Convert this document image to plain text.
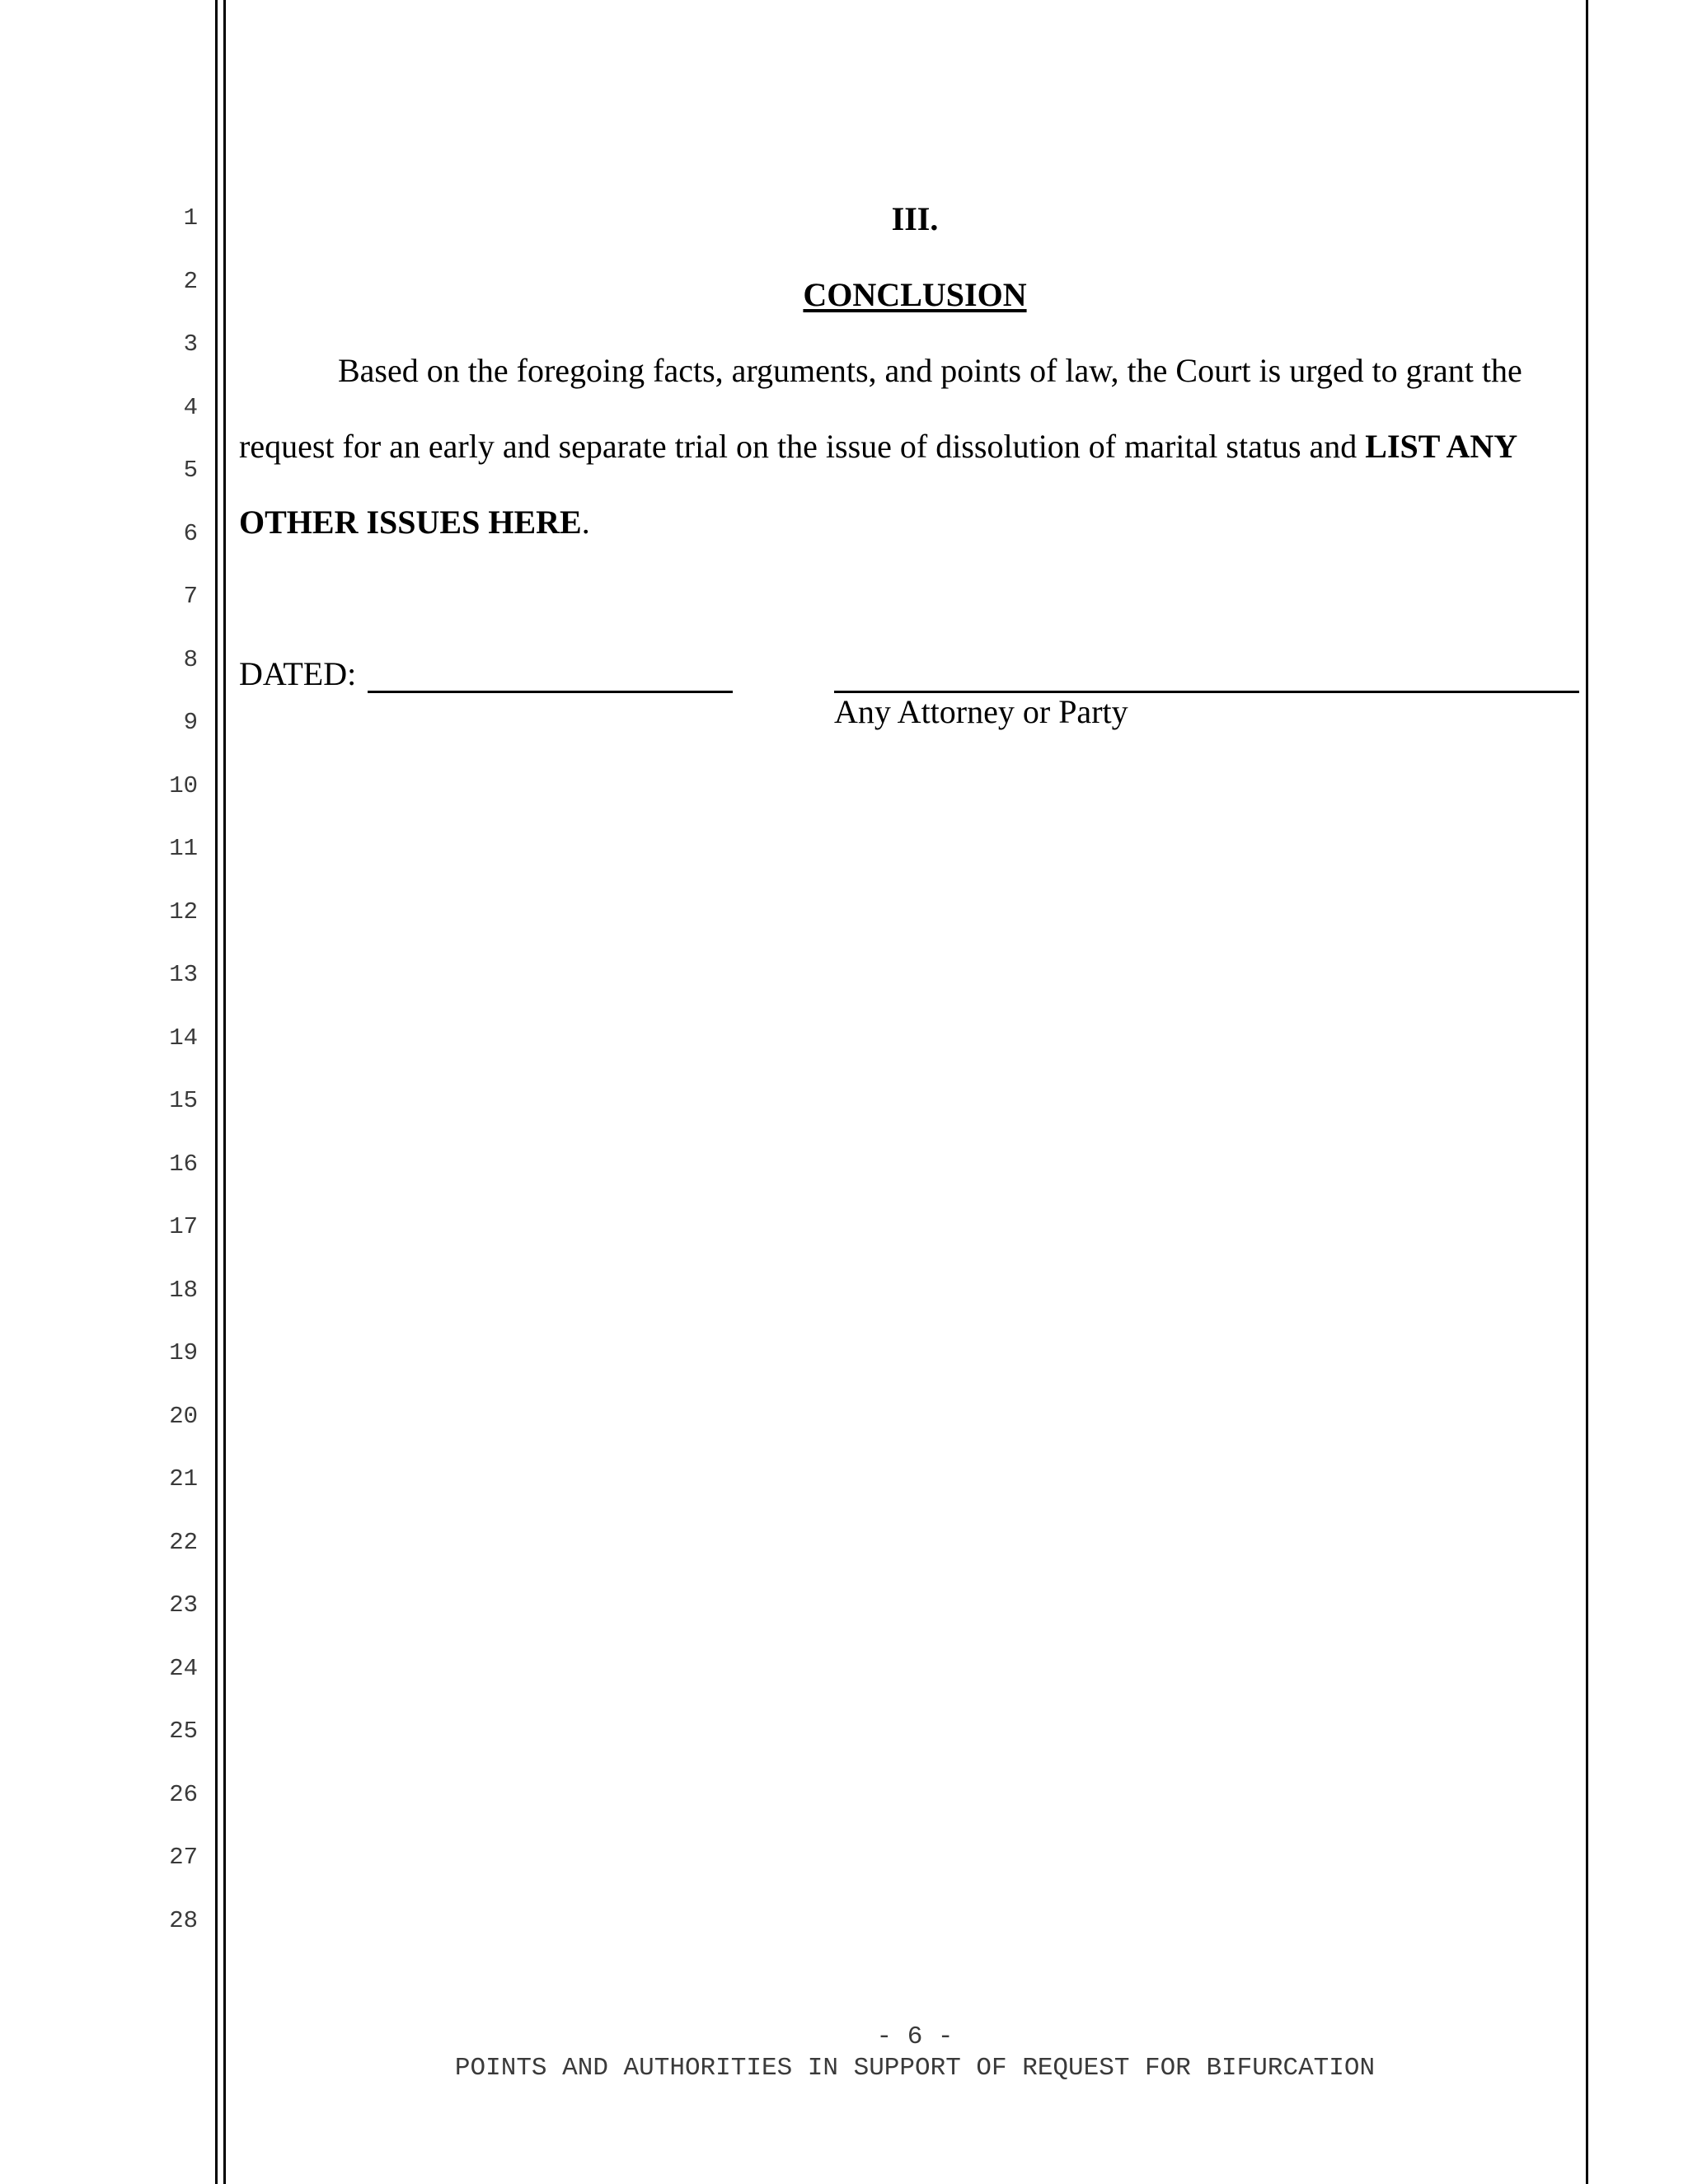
1
2
3
4
5
6
7
8
9
10
11
12
13
14
15
16
17
18
19
20
21
22
23
24
25
26
27
28
III.
CONCLUSION
Based on the foregoing facts, arguments, and points of law, the Court is urged to grant the
request for an early and separate trial on the issue of dissolution of marital status and LIST ANY
OTHER ISSUES HERE.
DATED:
Any Attorney or Party
- 6 -
POINTS AND AUTHORITIES IN SUPPORT OF REQUEST FOR BIFURCATION
